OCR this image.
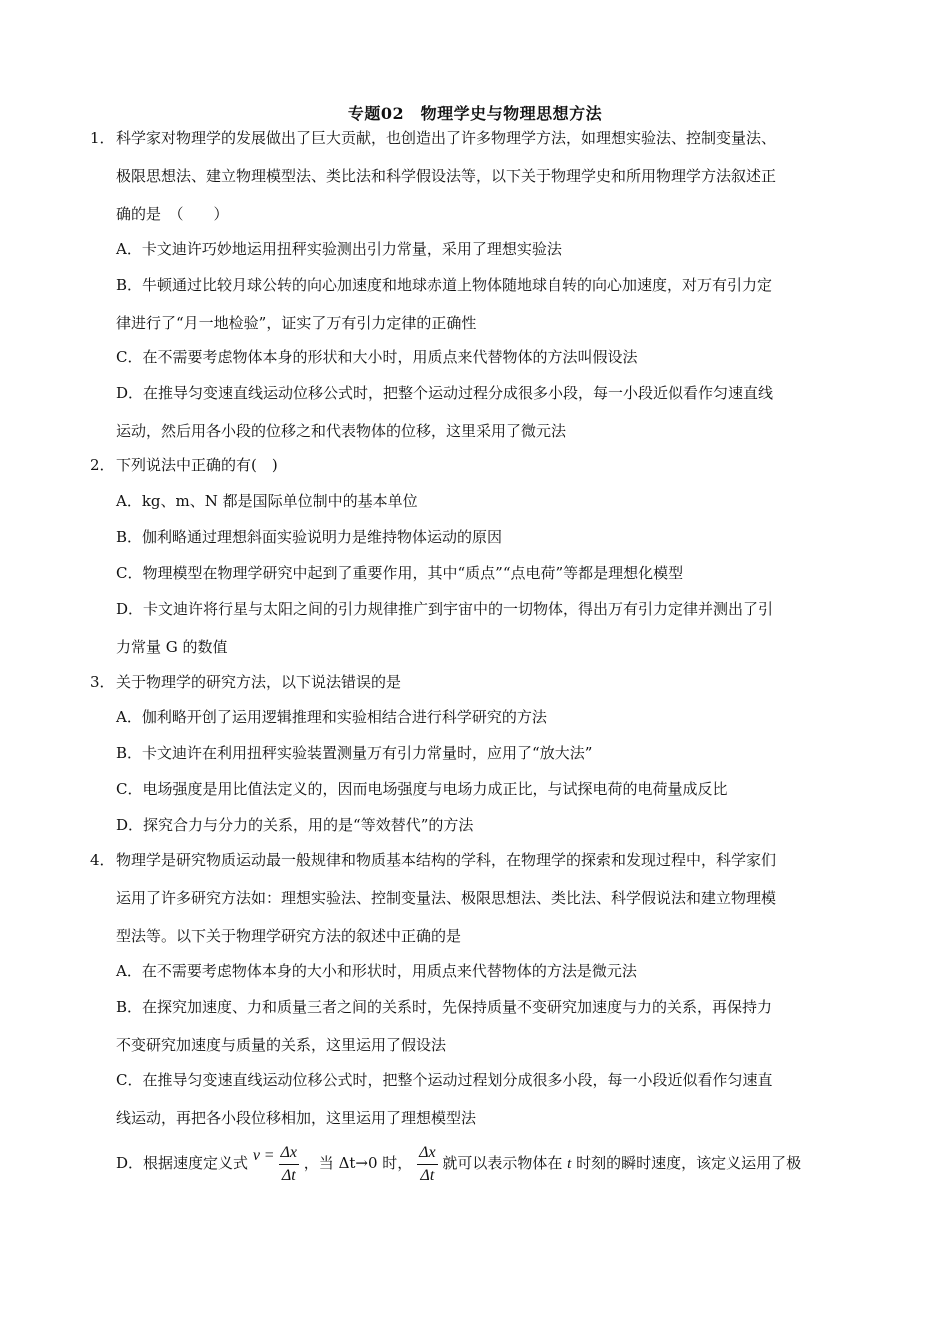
专题02　物理学史与物理思想方法
1．科学家对物理学的发展做出了巨大贡献，也创造出了许多物理学方法，如理想实验法、控制变量法、
极限思想法、建立物理模型法、类比法和科学假设法等，以下关于物理学史和所用物理学方法叙述正
确的是　（　　）
A．卡文迪许巧妙地运用扭秤实验测出引力常量，采用了理想实验法
B．牛顿通过比较月球公转的向心加速度和地球赤道上物体随地球自转的向心加速度，对万有引力定
律进行了“月一地检验”，证实了万有引力定律的正确性
C．在不需要考虑物体本身的形状和大小时，用质点来代替物体的方法叫假设法
D．在推导匀变速直线运动位移公式时，把整个运动过程分成很多小段，每一小段近似看作匀速直线
运动，然后用各小段的位移之和代表物体的位移，这里采用了微元法
2．下列说法中正确的有(　)
A．kg、m、N 都是国际单位制中的基本单位
B．伽利略通过理想斜面实验说明力是维持物体运动的原因
C．物理模型在物理学研究中起到了重要作用，其中“质点”“点电荷”等都是理想化模型
D．卡文迪许将行星与太阳之间的引力规律推广到宇宙中的一切物体，得出万有引力定律并测出了引
力常量 G 的数值
3．关于物理学的研究方法，以下说法错误的是
A．伽利略开创了运用逻辑推理和实验相结合进行科学研究的方法
B．卡文迪许在利用扭秤实验装置测量万有引力常量时，应用了“放大法”
C．电场强度是用比值法定义的，因而电场强度与电场力成正比，与试探电荷的电荷量成反比
D．探究合力与分力的关系，用的是“等效替代”的方法
4．物理学是研究物质运动最一般规律和物质基本结构的学科，在物理学的探索和发现过程中，科学家们
运用了许多研究方法如：理想实验法、控制变量法、极限思想法、类比法、科学假说法和建立物理模
型法等。以下关于物理学研究方法的叙述中正确的是
A．在不需要考虑物体本身的大小和形状时，用质点来代替物体的方法是微元法
B．在探究加速度、力和质量三者之间的关系时，先保持质量不变研究加速度与力的关系，再保持力
不变研究加速度与质量的关系，这里运用了假设法
C．在推导匀变速直线运动位移公式时，把整个运动过程划分成很多小段，每一小段近似看作匀速直
线运动，再把各小段位移相加，这里运用了理想模型法
D．根据速度定义式 $v = \frac{\Delta x}{\Delta t}$ ，当 Δt→0 时， $\frac{\Delta x}{\Delta t}$ 就可以表示物体在 t 时刻的瞬时速度，该定义运用了极
